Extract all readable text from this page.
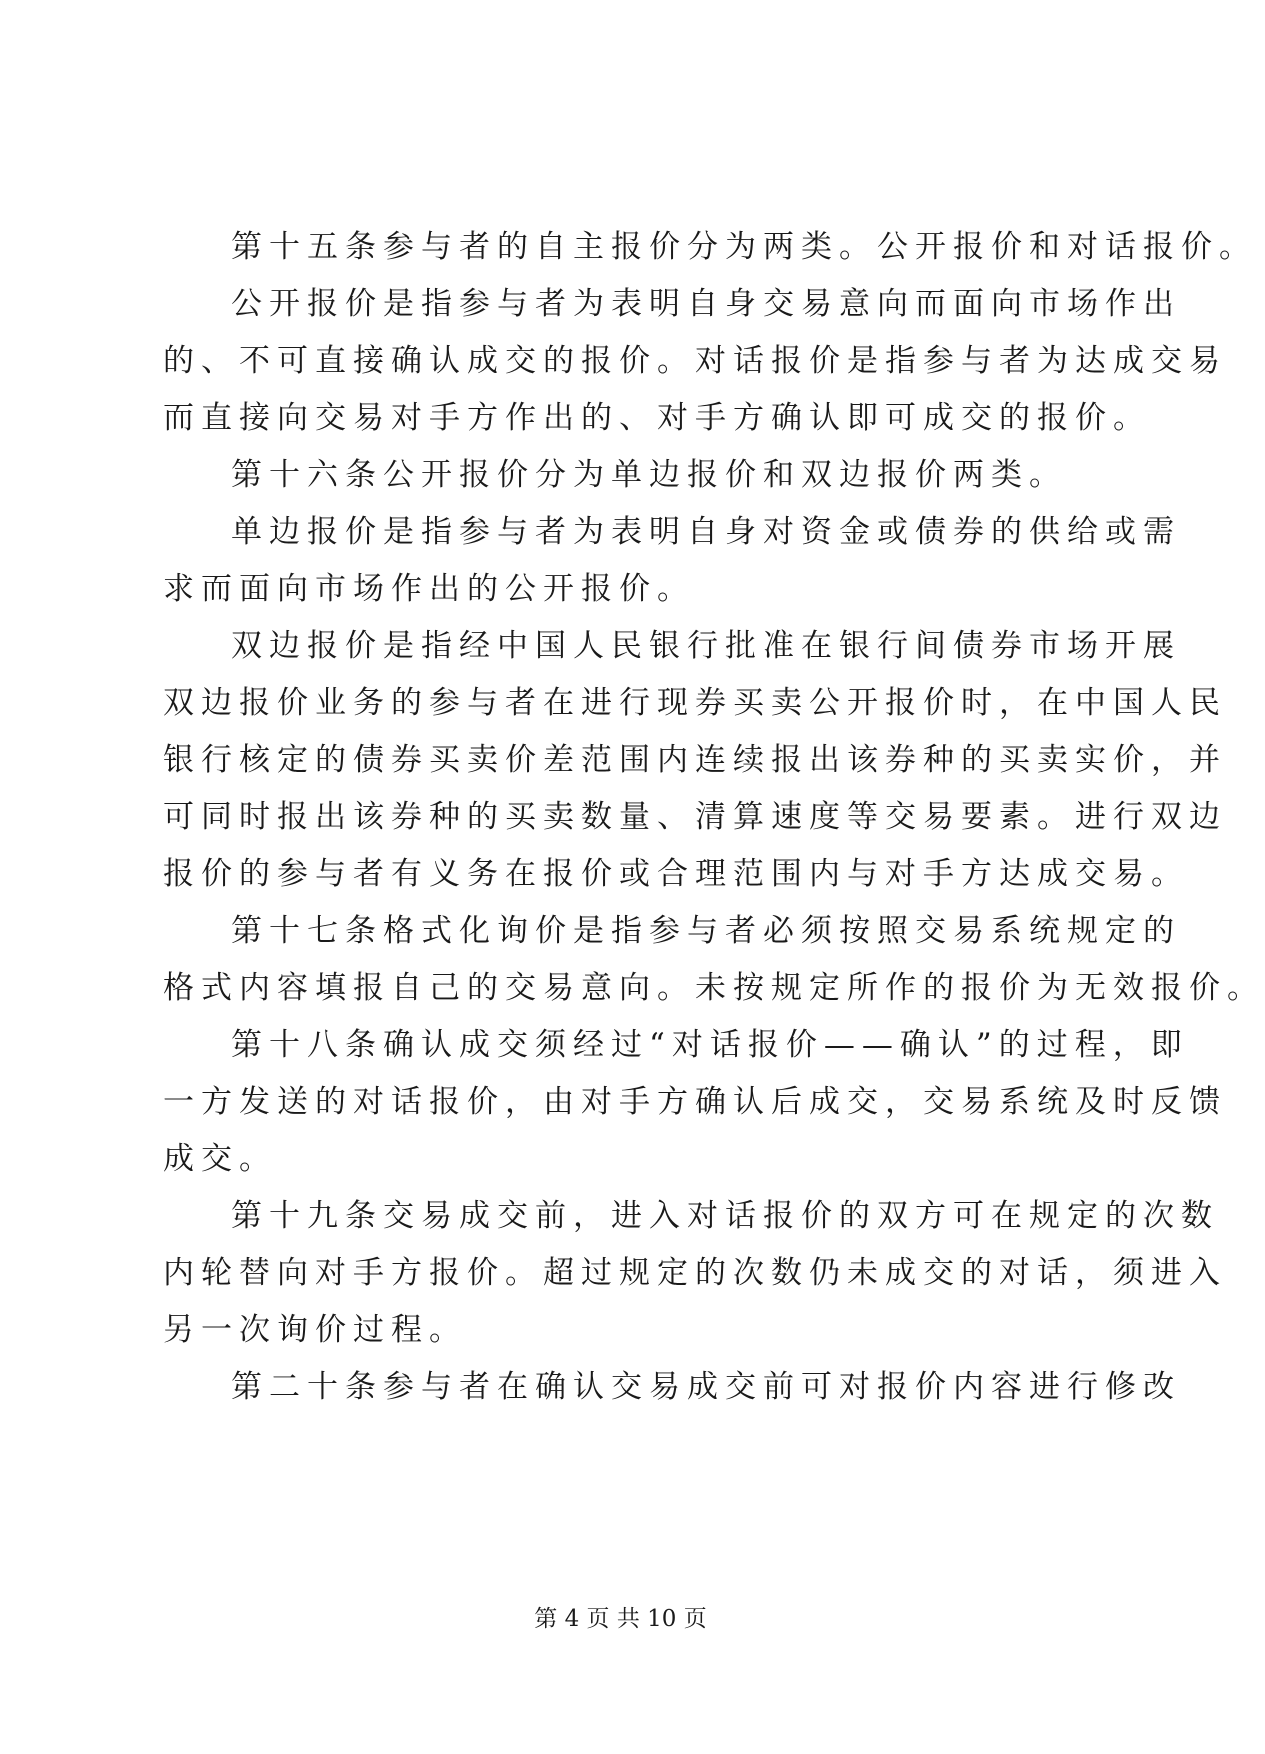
第十五条参与者的自主报价分为两类。公开报价和对话报价。
公开报价是指参与者为表明自身交易意向而面向市场作出
的、不可直接确认成交的报价。对话报价是指参与者为达成交易
而直接向交易对手方作出的、对手方确认即可成交的报价。
第十六条公开报价分为单边报价和双边报价两类。
单边报价是指参与者为表明自身对资金或债券的供给或需
求而面向市场作出的公开报价。
双边报价是指经中国人民银行批准在银行间债券市场开展
双边报价业务的参与者在进行现券买卖公开报价时，在中国人民
银行核定的债券买卖价差范围内连续报出该券种的买卖实价，并
可同时报出该券种的买卖数量、清算速度等交易要素。进行双边
报价的参与者有义务在报价或合理范围内与对手方达成交易。
第十七条格式化询价是指参与者必须按照交易系统规定的
格式内容填报自己的交易意向。未按规定所作的报价为无效报价。
第十八条确认成交须经过“对话报价——确认”的过程，即
一方发送的对话报价，由对手方确认后成交，交易系统及时反馈
成交。
第十九条交易成交前，进入对话报价的双方可在规定的次数
内轮替向对手方报价。超过规定的次数仍未成交的对话，须进入
另一次询价过程。
第二十条参与者在确认交易成交前可对报价内容进行修改
第 4 页 共 10 页
